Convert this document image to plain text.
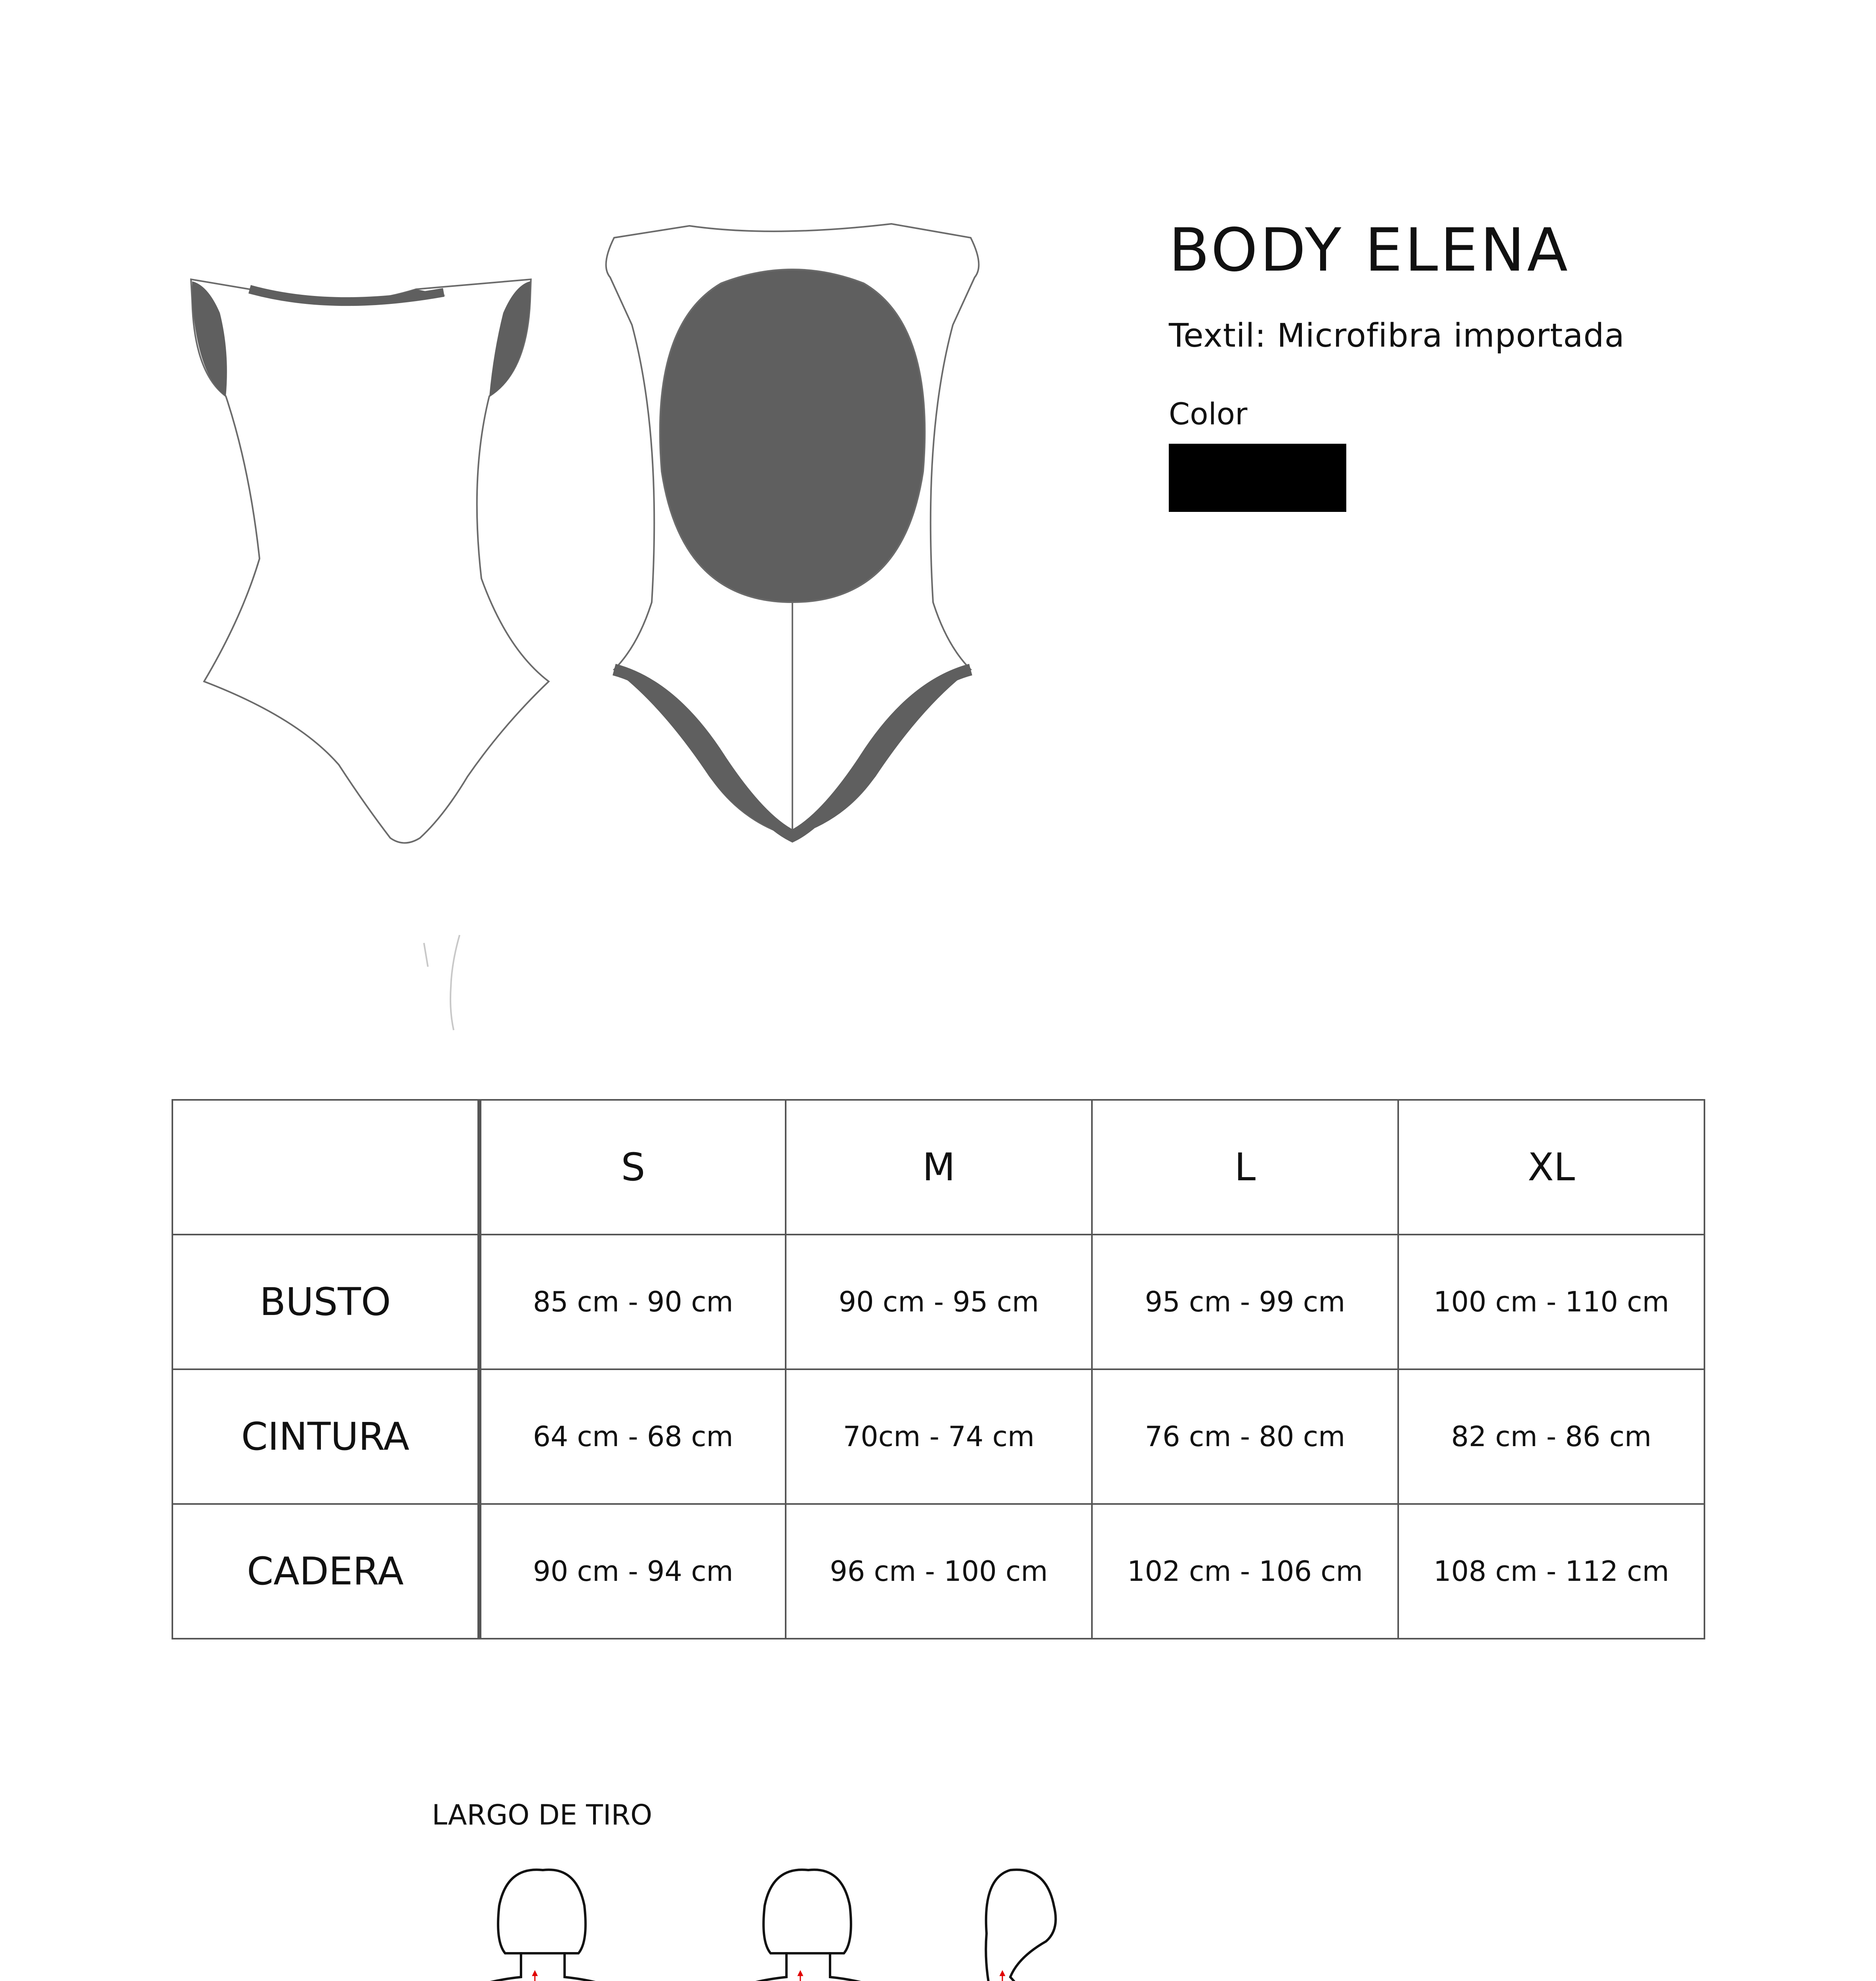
BODY ELENA
Textil: Microfibra importada
Color
	S	M	L	XL
BUSTO	85 cm - 90 cm	90 cm - 95 cm	95 cm - 99 cm	100 cm - 110 cm
CINTURA	64 cm - 68 cm	70cm - 74 cm	76 cm - 80 cm	82 cm - 86 cm
CADERA	90 cm - 94 cm	96 cm - 100 cm	102 cm - 106 cm	108 cm - 112 cm
LARGO DE TIRO
